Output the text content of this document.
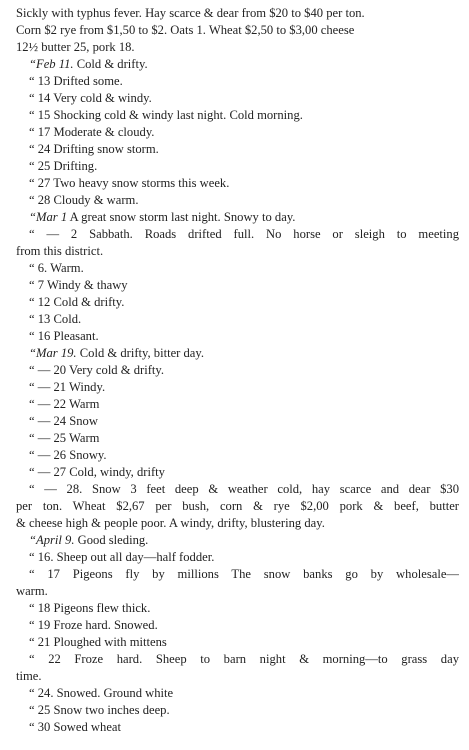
Sickly with typhus fever. Hay scarce & dear from $20 to $40 per ton.
Corn $2 rye from $1,50 to $2. Oats 1. Wheat $2,50 to $3,00 cheese
12½ butter 25, pork 18.
“Feb 11. Cold & drifty.
“ 13 Drifted some.
“ 14 Very cold & windy.
“ 15 Shocking cold & windy last night. Cold morning.
“ 17 Moderate & cloudy.
“ 24 Drifting snow storm.
“ 25 Drifting.
“ 27 Two heavy snow storms this week.
“ 28 Cloudy & warm.
“Mar 1 A great snow storm last night. Snowy to day.
“ — 2 Sabbath. Roads drifted full. No horse or sleigh to meeting
from this district.
“ 6. Warm.
“ 7 Windy & thawy
“ 12 Cold & drifty.
“ 13 Cold.
“ 16 Pleasant.
“Mar 19. Cold & drifty, bitter day.
“ — 20 Very cold & drifty.
“ — 21 Windy.
“ — 22 Warm
“ — 24 Snow
“ — 25 Warm
“ — 26 Snowy.
“ — 27 Cold, windy, drifty
“ — 28. Snow 3 feet deep & weather cold, hay scarce and dear $30
per ton. Wheat $2,67 per bush, corn & rye $2,00 pork & beef, butter
& cheese high & people poor. A windy, drifty, blustering day.
“April 9. Good sleding.
“ 16. Sheep out all day—half fodder.
“ 17 Pigeons fly by millions The snow banks go by wholesale—
warm.
“ 18 Pigeons flew thick.
“ 19 Froze hard. Snowed.
“ 21 Ploughed with mittens
“ 22 Froze hard. Sheep to barn night & morning—to grass day
time.
“ 24. Snowed. Ground white
“ 25 Snow two inches deep.
“ 30 Sowed wheat
